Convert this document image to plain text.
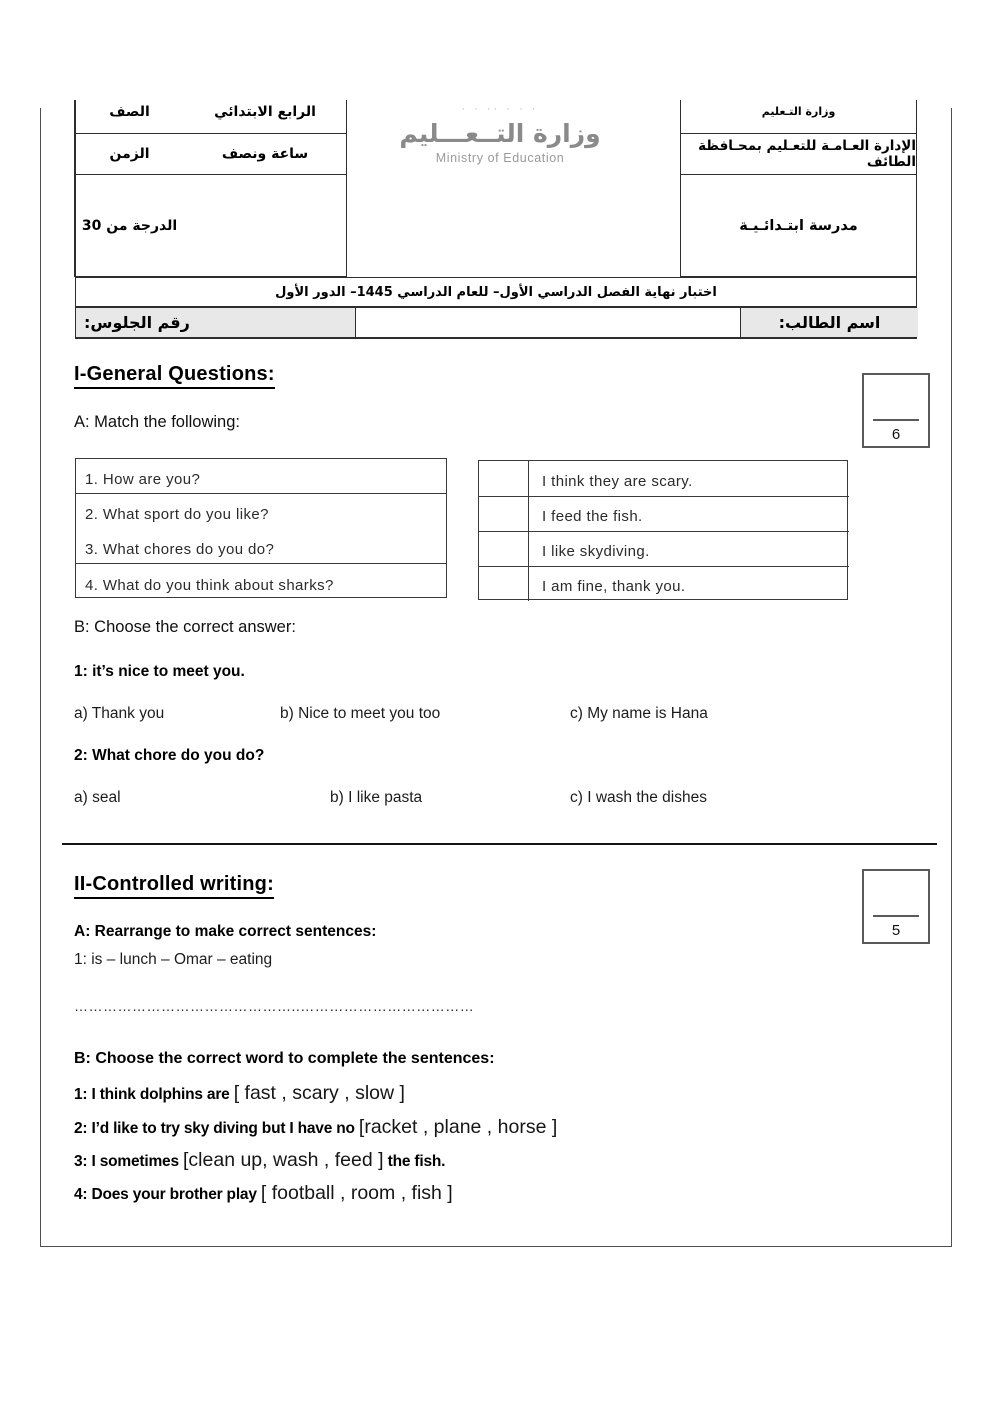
الرابع الابتدائي
الصف
ساعة ونصف
الزمن
الدرجة من 30
· · ·· · · ·
وزارة التــعـــليم
Ministry of Education
وزارة التـعليم
الإدارة العـامـة للتعـليم بمحـافظة الطائف
مدرسة ابتـدائـيـة
اختبار نهاية الفصل الدراسي الأول– للعام الدراسي 1445– الدور الأول
رقم الجلوس:	اسم الطالب:
I-General Questions:
6
A: Match the following:
1. How are you?
2. What sport do you like?
3. What chores do you do?
4. What do you think about sharks?
I think they are scary.
I feed the fish.
I like skydiving.
I am fine, thank you.
B: Choose the correct answer:
1: it’s nice to meet you.
a) Thank you	b) Nice to meet you too	c) My name is Hana
2: What chore do you do?
a) seal	b) I like pasta	c) I wash the dishes
II-Controlled writing:
5
A: Rearrange to make correct sentences:
1: is – lunch – Omar – eating
………………………………………..………………………………
B: Choose the correct word to complete the sentences:
1: I think dolphins are [ fast , scary , slow ]
2: I’d like to try sky diving but I have no [racket , plane , horse ]
3: I sometimes [clean up, wash , feed ] the fish.
4: Does your brother play [ football , room , fish ]
